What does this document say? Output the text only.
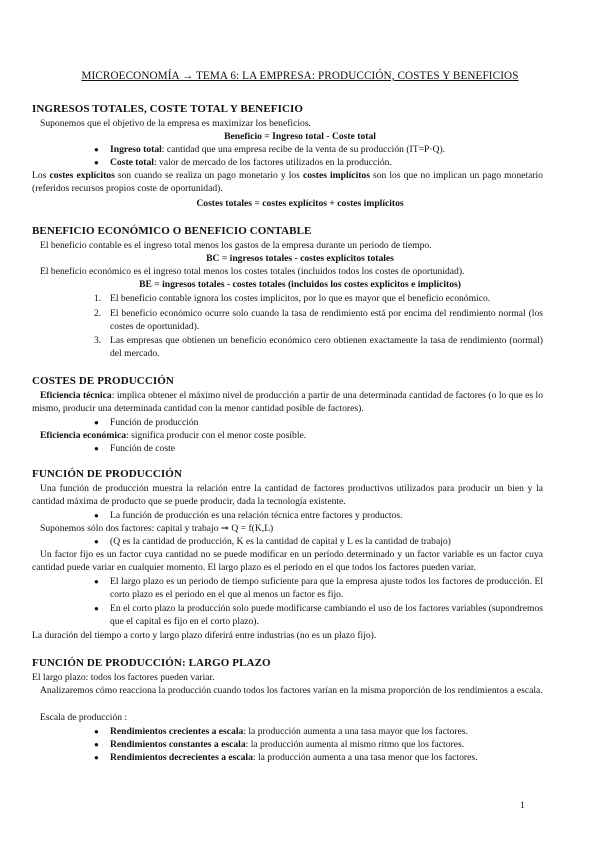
MICROECONOMÍA → TEMA 6: LA EMPRESA: PRODUCCIÓN, COSTES Y BENEFICIOS
INGRESOS TOTALES, COSTE TOTAL Y BENEFICIO
Suponemos que el objetivo de la empresa es maximizar los beneficios.
Beneficio = Ingreso total - Coste total
● Ingreso total: cantidad que una empresa recibe de la venta de su producción (IT=P·Q).
● Coste total: valor de mercado de los factores utilizados en la producción.
Los costes explícitos son cuando se realiza un pago monetario y los costes implícitos son los que no implican un pago monetario (referidos recursos propios coste de oportunidad).
Costes totales = costes explícitos + costes implícitos
BENEFICIO ECONÓMICO O BENEFICIO CONTABLE
El beneficio contable es el ingreso total menos los gastos de la empresa durante un periodo de tiempo.
BC = ingresos totales - costes explícitos totales
El beneficio económico es el ingreso total menos los costes totales (incluidos todos los costes de oportunidad).
BE = ingresos totales - costes totales (incluidos los costes explícitos e implícitos)
1. El beneficio contable ignora los costes implícitos, por lo que es mayor que el beneficio económico.
2. El beneficio económico ocurre solo cuando la tasa de rendimiento está por encima del rendimiento normal (los costes de oportunidad).
3. Las empresas que obtienen un beneficio económico cero obtienen exactamente la tasa de rendimiento (normal) del mercado.
COSTES DE PRODUCCIÓN
Eficiencia técnica: implica obtener el máximo nivel de producción a partir de una determinada cantidad de factores (o lo que es lo mismo, producir una determinada cantidad con la menor cantidad posible de factores).
● Función de producción
Eficiencia económica: significa producir con el menor coste posible.
● Función de coste
FUNCIÓN DE PRODUCCIÓN
Una función de producción muestra la relación entre la cantidad de factores productivos utilizados para producir un bien y la cantidad máxima de producto que se puede producir, dada la tecnología existente.
● La función de producción es una relación técnica entre factores y productos.
Suponemos sólo dos factores: capital y trabajo ➞ Q = f(K,L)
● (Q es la cantidad de producción, K es la cantidad de capital y L es la cantidad de trabajo)
Un factor fijo es un factor cuya cantidad no se puede modificar en un período determinado y un factor variable es un factor cuya cantidad puede variar en cualquier momento. El largo plazo es el periodo en el que todos los factores pueden variar.
● El largo plazo es un periodo de tiempo suficiente para que la empresa ajuste todos los factores de producción. El corto plazo es el periodo en el que al menos un factor es fijo.
● En el corto plazo la producción solo puede modificarse cambiando el uso de los factores variables (supondremos que el capital es fijo en el corto plazo).
La duración del tiempo a corto y largo plazo diferirá entre industrias (no es un plazo fijo).
FUNCIÓN DE PRODUCCIÓN: LARGO PLAZO
El largo plazo: todos los factores pueden variar.
Analizaremos cómo reacciona la producción cuando todos los factores varían en la misma proporción de los rendimientos a escala.
Escala de producción :
● Rendimientos crecientes a escala: la producción aumenta a una tasa mayor que los factores.
● Rendimientos constantes a escala: la producción aumenta al mismo ritmo que los factores.
● Rendimientos decrecientes a escala: la producción aumenta a una tasa menor que los factores.
1
